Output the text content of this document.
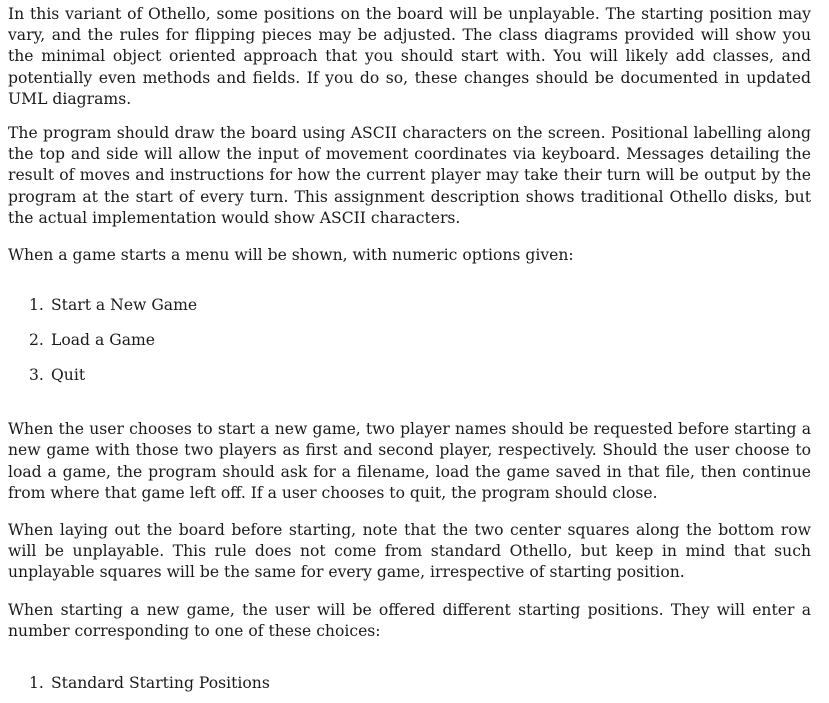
In this variant of Othello, some positions on the board will be unplayable. The starting position may vary, and the rules for flipping pieces may be adjusted. The class diagrams provided will show you the minimal object oriented approach that you should start with. You will likely add classes, and potentially even methods and fields. If you do so, these changes should be documented in updated UML diagrams.

The program should draw the board using ASCII characters on the screen. Positional labelling along the top and side will allow the input of movement coordinates via keyboard. Messages detailing the result of moves and instructions for how the current player may take their turn will be output by the program at the start of every turn. This assignment description shows traditional Othello disks, but the actual implementation would show ASCII characters.

When a game starts a menu will be shown, with numeric options given:

1. Start a New Game
2. Load a Game
3. Quit

When the user chooses to start a new game, two player names should be requested before starting a new game with those two players as first and second player, respectively. Should the user choose to load a game, the program should ask for a filename, load the game saved in that file, then continue from where that game left off. If a user chooses to quit, the program should close.

When laying out the board before starting, note that the two center squares along the bottom row will be unplayable. This rule does not come from standard Othello, but keep in mind that such unplayable squares will be the same for every game, irrespective of starting position.

When starting a new game, the user will be offered different starting positions. They will enter a number corresponding to one of these choices:

1. Standard Starting Positions
